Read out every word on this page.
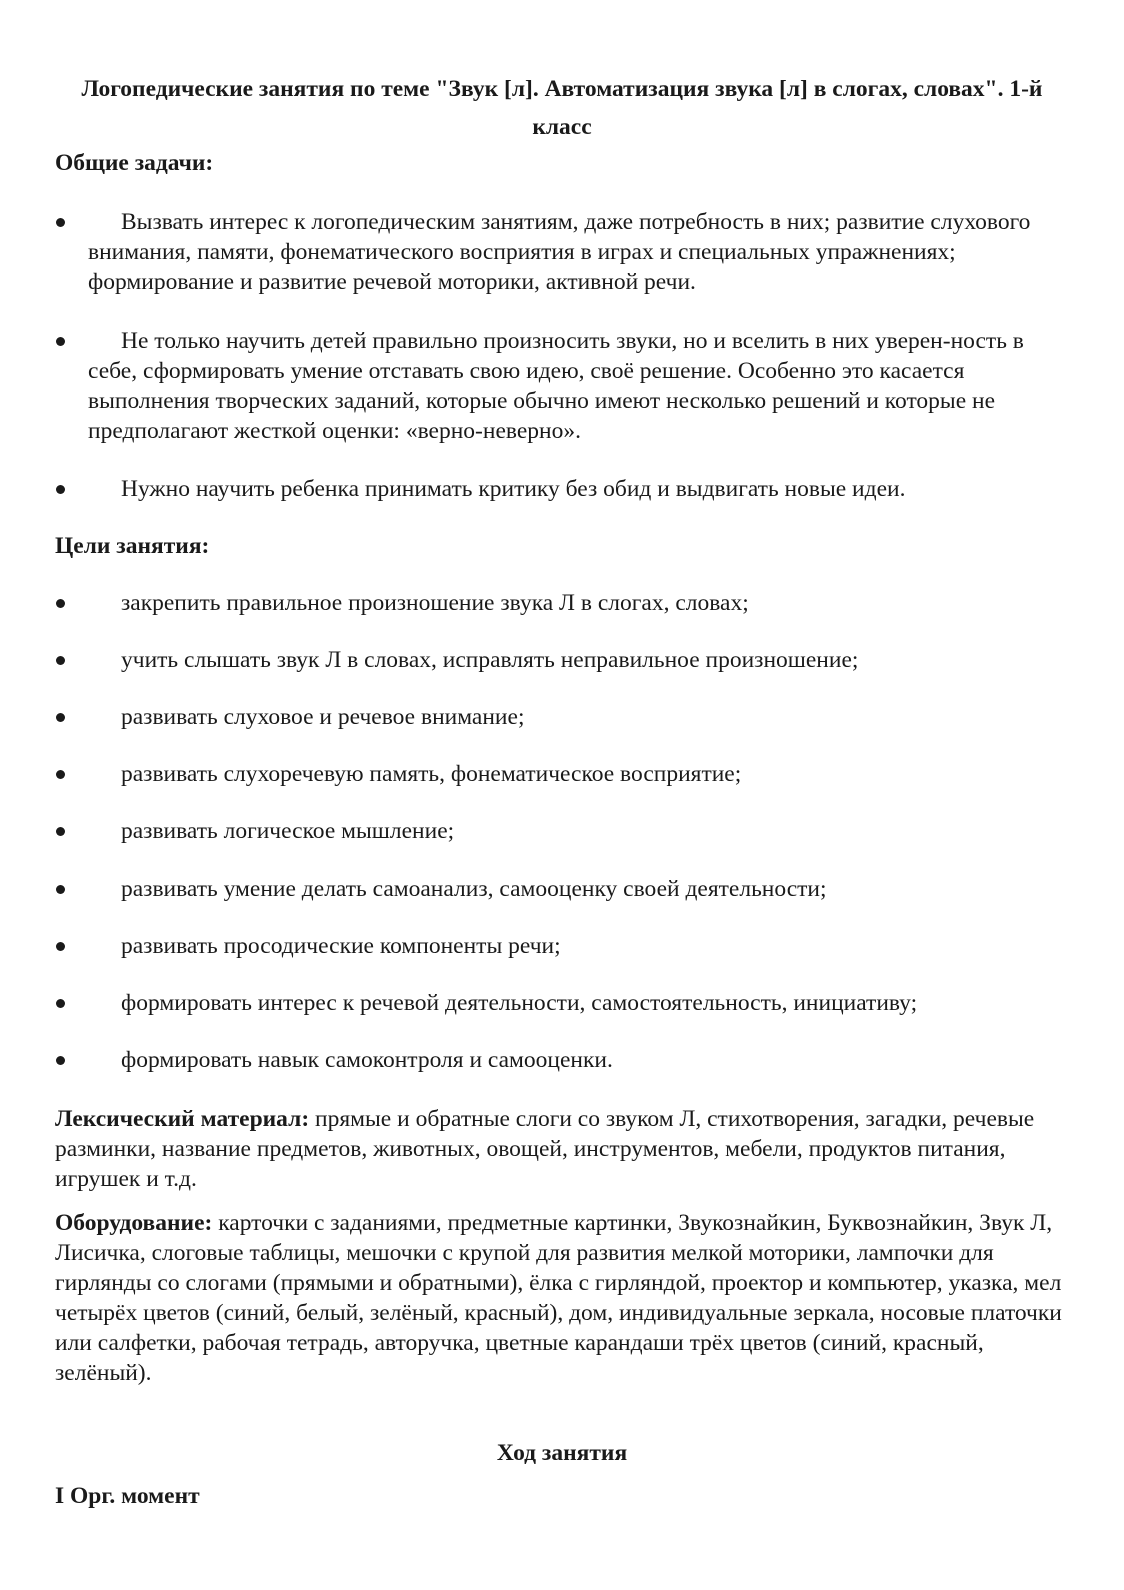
Логопедические занятия по теме "Звук [л]. Автоматизация звука [л] в слогах, словах". 1-й класс

Общие задачи:

Вызвать интерес к логопедическим занятиям, даже потребность в них; развитие слухового внимания, памяти, фонематического восприятия в играх и специальных упражнениях; формирование и развитие речевой моторики, активной речи.

Не только научить детей правильно произносить звуки, но и вселить в них уверен-ность в себе, сформировать умение отставать свою идею, своё решение. Особенно это касается выполнения творческих заданий, которые обычно имеют несколько решений и которые не предполагают жесткой оценки: «верно-неверно».

Нужно научить ребенка принимать критику без обид и выдвигать новые идеи.

Цели занятия:

закрепить правильное произношение звука Л в слогах, словах;

учить слышать звук Л в словах, исправлять неправильное произношение;

развивать слуховое и речевое внимание;

развивать слухоречевую память, фонематическое восприятие;

развивать логическое мышление;

развивать умение делать самоанализ, самооценку своей деятельности;

развивать просодические компоненты речи;

формировать интерес к речевой деятельности, самостоятельность, инициативу;

формировать навык самоконтроля и самооценки.

Лексический материал: прямые и обратные слоги со звуком Л, стихотворения, загадки, речевые разминки, название предметов, животных, овощей, инструментов, мебели, продуктов питания, игрушек и т.д.

Оборудование: карточки с заданиями, предметные картинки, Звукознайкин, Буквознайкин, Звук Л, Лисичка, слоговые таблицы, мешочки с крупой для развития мелкой моторики, лампочки для гирлянды со слогами (прямыми и обратными), ёлка с гирляндой, проектор и компьютер, указка, мел четырёх цветов (синий, белый, зелёный, красный), дом, индивидуальные зеркала, носовые платочки или салфетки, рабочая тетрадь, авторучка, цветные карандаши трёх цветов (синий, красный, зелёный).

Ход занятия

I Орг. момент
